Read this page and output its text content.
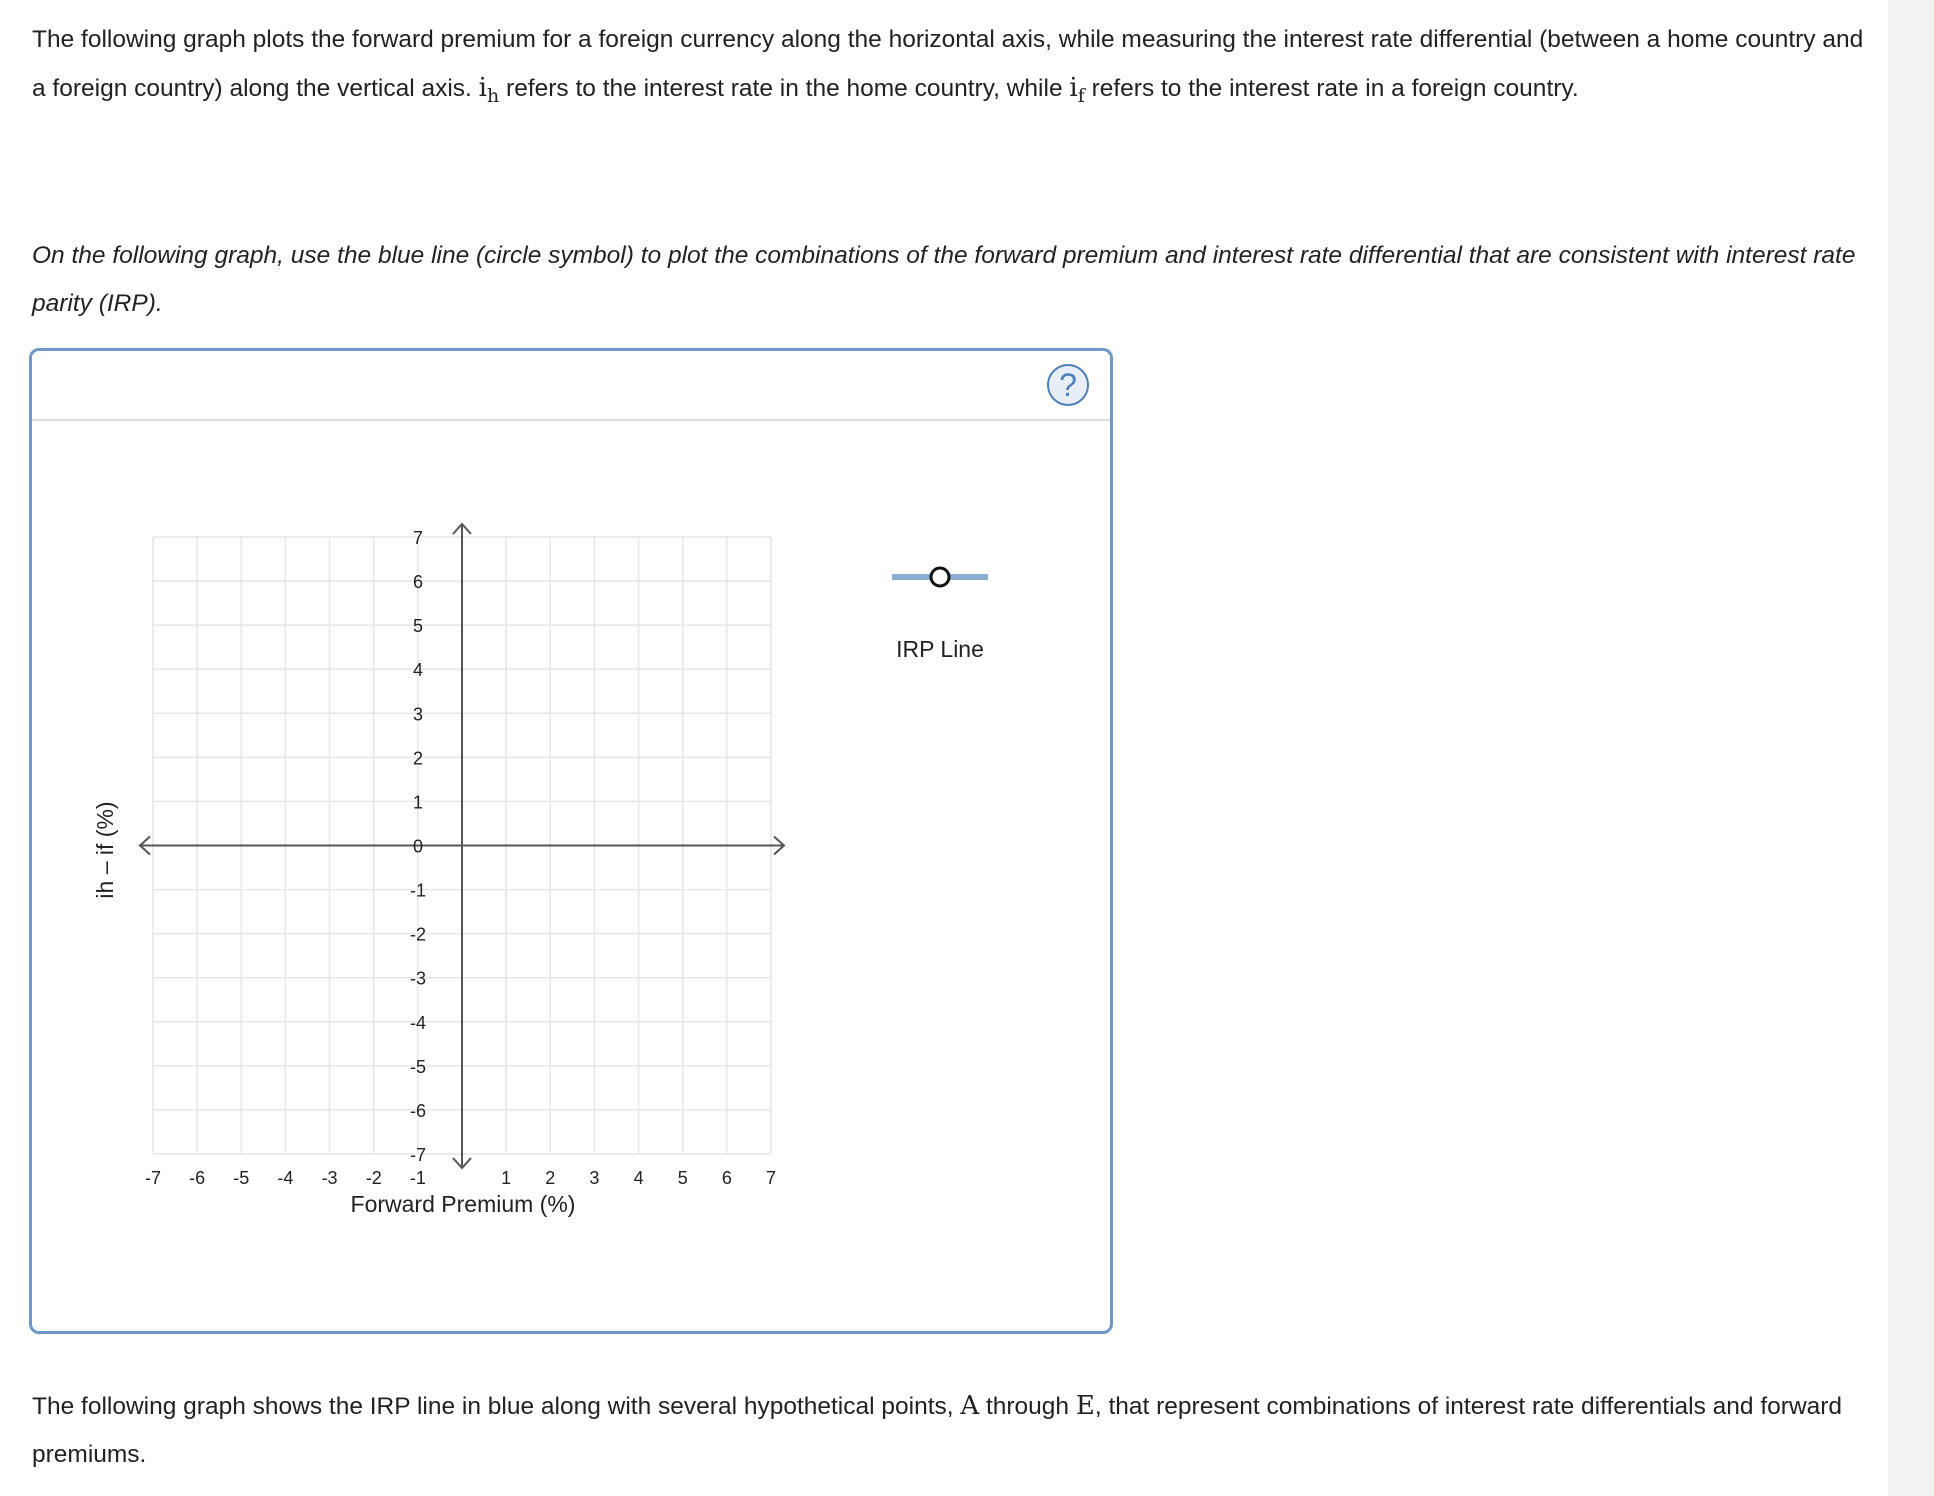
The following graph plots the forward premium for a foreign currency along the horizontal axis, while measuring the interest rate differential (between a home country and a foreign country) along the vertical axis. $i_h$ refers to the interest rate in the home country, while $i_f$ refers to the interest rate in a foreign country.
On the following graph, use the blue line (circle symbol) to plot the combinations of the forward premium and interest rate differential that are consistent with interest rate parity (IRP).
?
-7 -6 -5 -4 -3 -2 -1	1 2 3 4 5 6 7
7
6
5
4
3
2
1
0
-1
-2
-3
-4
-5
-6
-7
Forward Premium (%)
ih – if (%)
IRP Line
The following graph shows the IRP line in blue along with several hypothetical points, A through E, that represent combinations of interest rate differentials and forward premiums.
